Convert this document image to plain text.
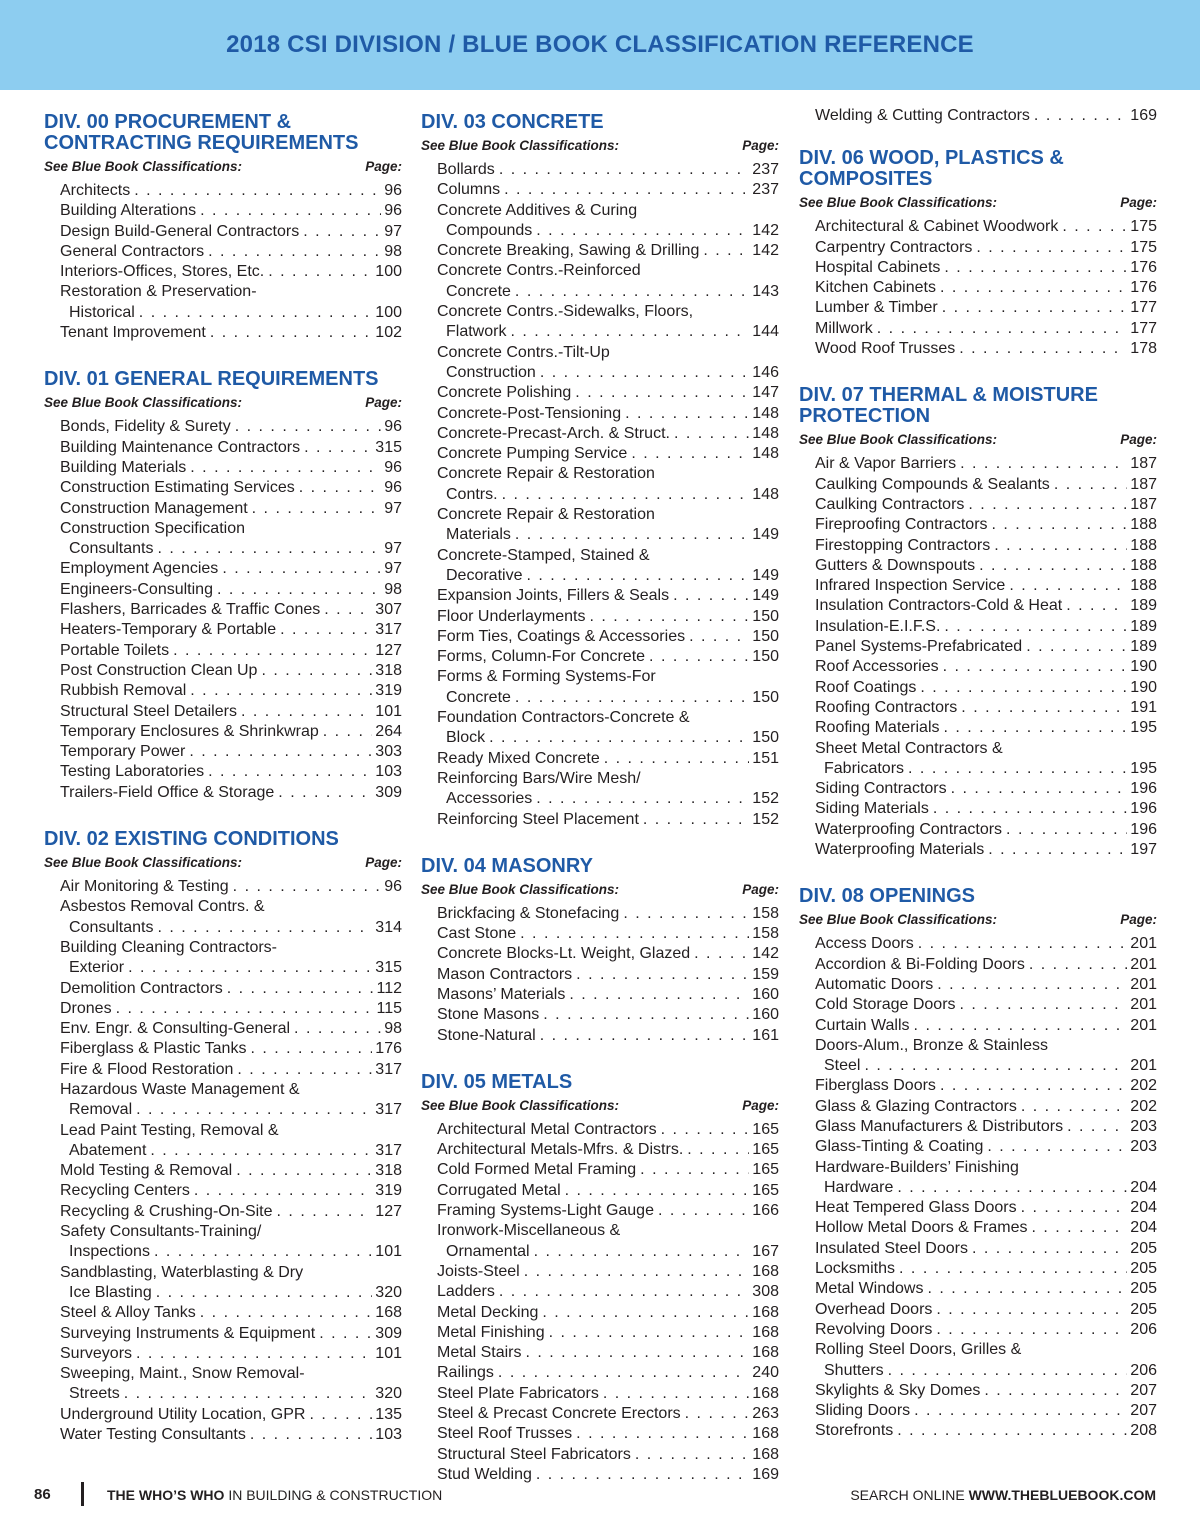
2018 CSI DIVISION / BLUE BOOK CLASSIFICATION REFERENCE
DIV. 00 PROCUREMENT &
CONTRACTING REQUIREMENTS
See Blue Book Classifications:	Page:
Architects . . .	96
Building Alterations . . .	96
Design Build-General Contractors . . .	97
General Contractors . . .	98
Interiors-Offices, Stores, Etc. . . .	100
Restoration & Preservation-
Historical . . .	100
Tenant Improvement . . .	102
DIV. 01 GENERAL REQUIREMENTS
See Blue Book Classifications:	Page:
Bonds, Fidelity & Surety . . .	96
Building Maintenance Contractors . . .	315
Building Materials . . .	96
Construction Estimating Services . . .	96
Construction Management . . .	97
Construction Specification
Consultants . . .	97
Employment Agencies . . .	97
Engineers-Consulting . . .	98
Flashers, Barricades & Traffic Cones . . .	307
Heaters-Temporary & Portable . . .	317
Portable Toilets . . .	127
Post Construction Clean Up . . .	318
Rubbish Removal . . .	319
Structural Steel Detailers . . .	101
Temporary Enclosures & Shrinkwrap . . .	264
Temporary Power . . .	303
Testing Laboratories . . .	103
Trailers-Field Office & Storage . . .	309
DIV. 02 EXISTING CONDITIONS
See Blue Book Classifications:	Page:
Air Monitoring & Testing . . .	96
Asbestos Removal Contrs. &
Consultants . . .	314
Building Cleaning Contractors-
Exterior . . .	315
Demolition Contractors . . .	112
Drones . . .	115
Env. Engr. & Consulting-General . . .	98
Fiberglass & Plastic Tanks . . .	176
Fire & Flood Restoration . . .	317
Hazardous Waste Management &
Removal . . .	317
Lead Paint Testing, Removal &
Abatement . . .	317
Mold Testing & Removal . . .	318
Recycling Centers . . .	319
Recycling & Crushing-On-Site . . .	127
Safety Consultants-Training/
Inspections . . .	101
Sandblasting, Waterblasting & Dry
Ice Blasting . . .	320
Steel & Alloy Tanks . . .	168
Surveying Instruments & Equipment . . .	309
Surveyors . . .	101
Sweeping, Maint., Snow Removal-
Streets . . .	320
Underground Utility Location, GPR . . .	135
Water Testing Consultants . . .	103
DIV. 03 CONCRETE
See Blue Book Classifications:	Page:
Bollards . . .	237
Columns . . .	237
Concrete Additives & Curing
Compounds . . .	142
Concrete Breaking, Sawing & Drilling . . .	142
Concrete Contrs.-Reinforced
Concrete . . .	143
Concrete Contrs.-Sidewalks, Floors,
Flatwork . . .	144
Concrete Contrs.-Tilt-Up
Construction . . .	146
Concrete Polishing . . .	147
Concrete-Post-Tensioning . . .	148
Concrete-Precast-Arch. & Struct. . . .	148
Concrete Pumping Service . . .	148
Concrete Repair & Restoration
Contrs. . . .	148
Concrete Repair & Restoration
Materials . . .	149
Concrete-Stamped, Stained &
Decorative . . .	149
Expansion Joints, Fillers & Seals . . .	149
Floor Underlayments . . .	150
Form Ties, Coatings & Accessories . . .	150
Forms, Column-For Concrete . . .	150
Forms & Forming Systems-For
Concrete . . .	150
Foundation Contractors-Concrete &
Block . . .	150
Ready Mixed Concrete . . .	151
Reinforcing Bars/Wire Mesh/
Accessories . . .	152
Reinforcing Steel Placement . . .	152
DIV. 04 MASONRY
See Blue Book Classifications:	Page:
Brickfacing & Stonefacing . . .	158
Cast Stone . . .	158
Concrete Blocks-Lt. Weight, Glazed . . .	142
Mason Contractors . . .	159
Masons’ Materials . . .	160
Stone Masons . . .	160
Stone-Natural . . .	161
DIV. 05 METALS
See Blue Book Classifications:	Page:
Architectural Metal Contractors . . .	165
Architectural Metals-Mfrs. & Distrs. . . .	165
Cold Formed Metal Framing . . .	165
Corrugated Metal . . .	165
Framing Systems-Light Gauge . . .	166
Ironwork-Miscellaneous &
Ornamental . . .	167
Joists-Steel . . .	168
Ladders . . .	308
Metal Decking . . .	168
Metal Finishing . . .	168
Metal Stairs . . .	168
Railings . . .	240
Steel Plate Fabricators . . .	168
Steel & Precast Concrete Erectors . . .	263
Steel Roof Trusses . . .	168
Structural Steel Fabricators . . .	168
Stud Welding . . .	169
Welding & Cutting Contractors . . .	169
DIV. 06 WOOD, PLASTICS &
COMPOSITES
See Blue Book Classifications:	Page:
Architectural & Cabinet Woodwork . . .	175
Carpentry Contractors . . .	175
Hospital Cabinets . . .	176
Kitchen Cabinets . . .	176
Lumber & Timber . . .	177
Millwork . . .	177
Wood Roof Trusses . . .	178
DIV. 07 THERMAL & MOISTURE
PROTECTION
See Blue Book Classifications:	Page:
Air & Vapor Barriers . . .	187
Caulking Compounds & Sealants . . .	187
Caulking Contractors . . .	187
Fireproofing Contractors . . .	188
Firestopping Contractors . . .	188
Gutters & Downspouts . . .	188
Infrared Inspection Service . . .	188
Insulation Contractors-Cold & Heat . . .	189
Insulation-E.I.F.S. . . .	189
Panel Systems-Prefabricated . . .	189
Roof Accessories . . .	190
Roof Coatings . . .	190
Roofing Contractors . . .	191
Roofing Materials . . .	195
Sheet Metal Contractors &
Fabricators . . .	195
Siding Contractors . . .	196
Siding Materials . . .	196
Waterproofing Contractors . . .	196
Waterproofing Materials . . .	197
DIV. 08 OPENINGS
See Blue Book Classifications:	Page:
Access Doors . . .	201
Accordion & Bi-Folding Doors . . .	201
Automatic Doors . . .	201
Cold Storage Doors . . .	201
Curtain Walls . . .	201
Doors-Alum., Bronze & Stainless
Steel . . .	201
Fiberglass Doors . . .	202
Glass & Glazing Contractors . . .	202
Glass Manufacturers & Distributors . . .	203
Glass-Tinting & Coating . . .	203
Hardware-Builders’ Finishing
Hardware . . .	204
Heat Tempered Glass Doors . . .	204
Hollow Metal Doors & Frames . . .	204
Insulated Steel Doors . . .	205
Locksmiths . . .	205
Metal Windows . . .	205
Overhead Doors . . .	205
Revolving Doors . . .	206
Rolling Steel Doors, Grilles &
Shutters . . .	206
Skylights & Sky Domes . . .	207
Sliding Doors . . .	207
Storefronts . . .	208
86	THE WHO’S WHO IN BUILDING & CONSTRUCTION	SEARCH ONLINE WWW.THEBLUEBOOK.COM
